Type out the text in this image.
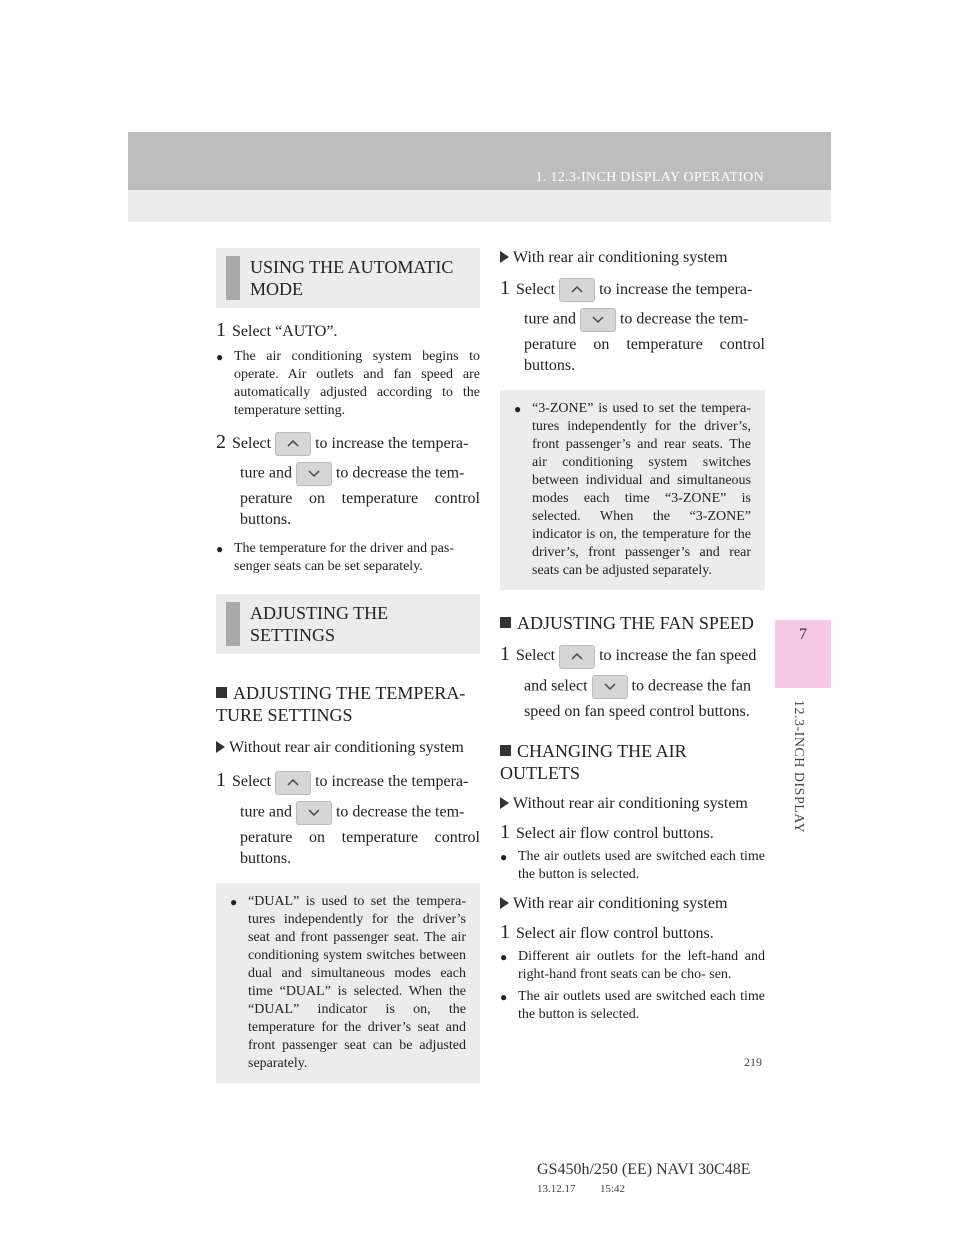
1. 12.3-INCH DISPLAY OPERATION
7
12.3-INCH DISPLAY
USING THE AUTOMATIC MODE

1 Select “AUTO”.

● The air conditioning system begins to operate. Air outlets and fan speed are automatically adjusted according to the temperature setting.

2 Select	to increase the tempera-

ture and	to decrease the tem-

perature on temperature control buttons.

● The temperature for the driver and pas- senger seats can be set separately.

ADJUSTING THE SETTINGS

ADJUSTING THE TEMPERA- TURE SETTINGS

Without rear air conditioning system

1 Select	to increase the tempera-

ture and	to decrease the tem-

perature on temperature control buttons.

● “DUAL” is used to set the tempera- tures independently for the driver’s seat and front passenger seat. The air conditioning system switches between dual and simultaneous modes each time “DUAL” is selected. When the “DUAL” indicator is on, the temperature for the driver’s seat and front passenger seat can be adjusted separately.

With rear air conditioning system

1 Select	to increase the tempera-

ture and	to decrease the tem-

perature on temperature control buttons.

● “3-ZONE” is used to set the tempera- tures independently for the driver’s, front passenger’s and rear seats. The air conditioning system switches between individual and simultaneous modes each time “3-ZONE” is selected. When the “3-ZONE” indicator is on, the temperature for the driver’s, front passenger’s and rear seats can be adjusted separately.

ADJUSTING THE FAN SPEED

1 Select	to increase the fan speed

and select	to decrease the fan

speed on fan speed control buttons.

CHANGING THE AIR OUTLETS

Without rear air conditioning system

1 Select air flow control buttons.

● The air outlets used are switched each time the button is selected.

With rear air conditioning system

1 Select air flow control buttons.

● Different air outlets for the left-hand and right-hand front seats can be cho- sen.

● The air outlets used are switched each time the button is selected.

219
GS450h/250 (EE) NAVI 30C48E
13.12.17 15:42
